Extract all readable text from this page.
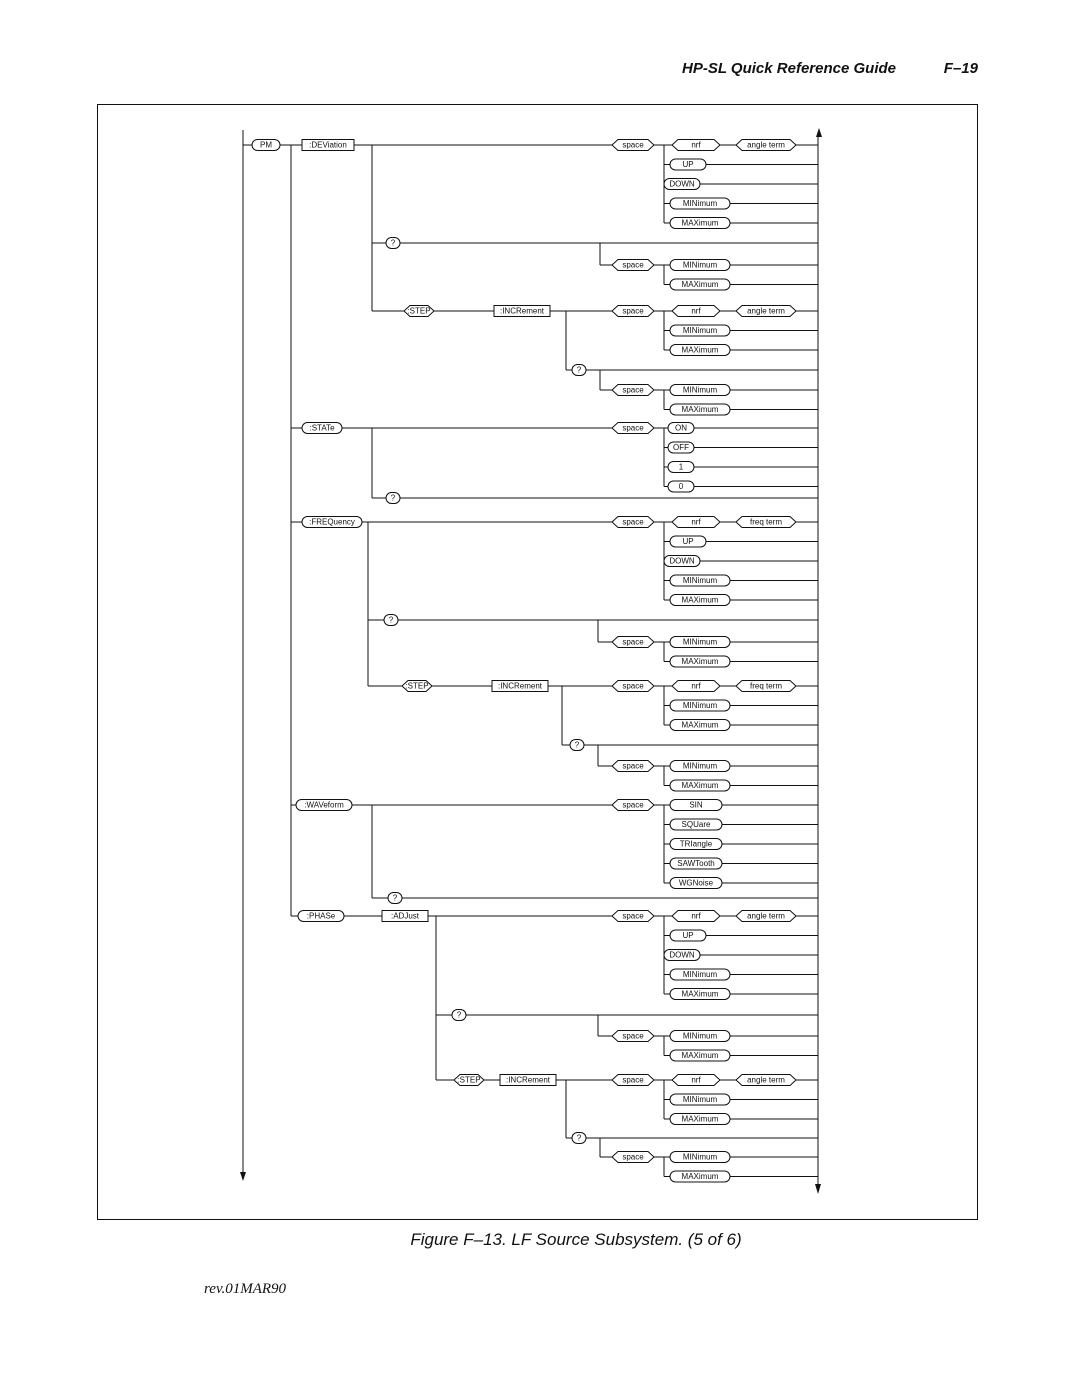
HP-SL Quick Reference Guide	F–19
PM	:DEViation	space	nrf	angle term
UP
DOWN
MINimum
MAXimum
?
space	MINimum
MAXimum
:STEP	:INCRement	space	nrf	angle term
MINimum
MAXimum
?
space	MINimum
MAXimum
:STATe	space	ON
OFF
1
0
?
:FREQuency	space	nrf	freq term
UP
DOWN
MINimum
MAXimum
?
space	MINimum
MAXimum
:STEP	:INCRement	space	nrf	freq term
MINimum
MAXimum
?
space	MINimum
MAXimum
:WAVeform	space	SIN
SQUare
TRIangle
SAWTooth
WGNoise
?
:PHASe	:ADJust	space	nrf	angle term
UP
DOWN
MINimum
MAXimum
?
space	MINimum
MAXimum
:STEP	:INCRement	space	nrf	angle term
MINimum
MAXimum
?
space	MINimum
MAXimum
Figure F–13. LF Source Subsystem. (5 of 6)
rev.01MAR90
